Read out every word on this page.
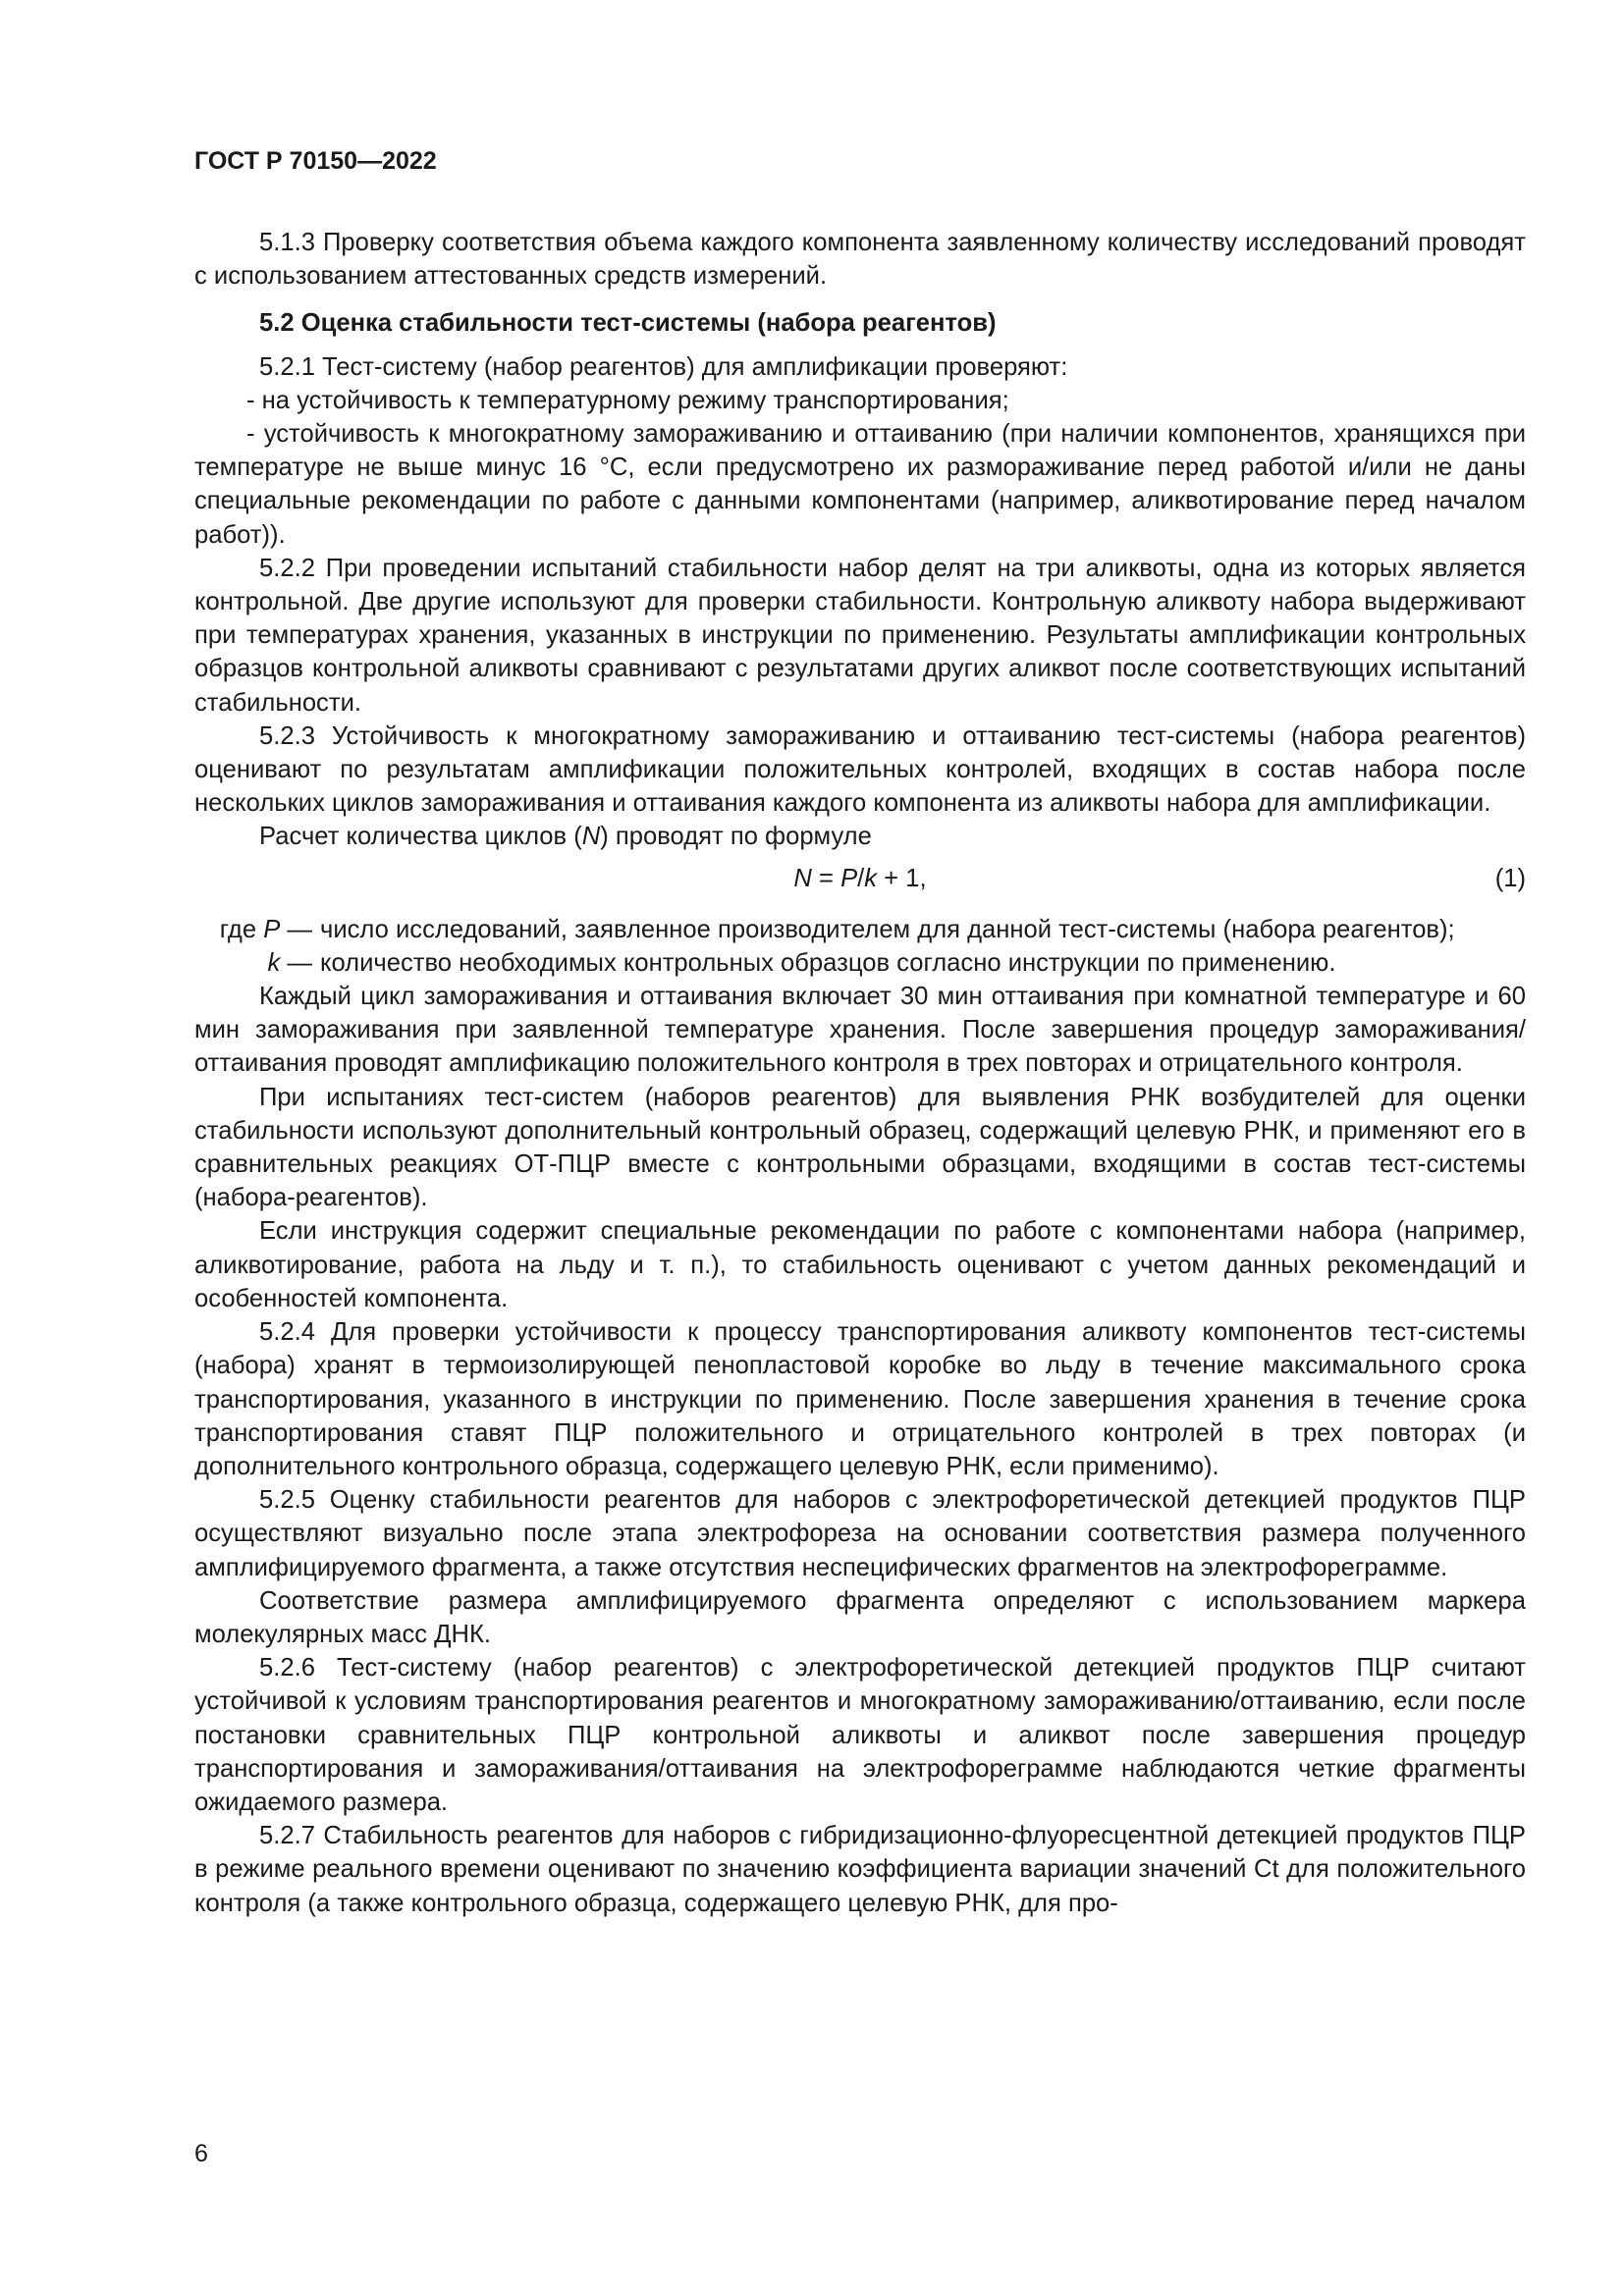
ГОСТ Р 70150—2022

5.1.3 Проверку соответствия объема каждого компонента заявленному количеству исследований проводят с использованием аттестованных средств измерений.

5.2 Оценка стабильности тест-системы (набора реагентов)

5.2.1 Тест-систему (набор реагентов) для амплификации проверяют:

- на устойчивость к температурному режиму транспортирования;

- устойчивость к многократному замораживанию и оттаиванию (при наличии компонентов, хранящихся при температуре не выше минус 16 °С, если предусмотрено их размораживание перед работой и/или не даны специальные рекомендации по работе с данными компонентами (например, аликвотирование перед началом работ)).

5.2.2 При проведении испытаний стабильности набор делят на три аликвоты, одна из которых является контрольной. Две другие используют для проверки стабильности. Контрольную аликвоту набора выдерживают при температурах хранения, указанных в инструкции по применению. Результаты амплификации контрольных образцов контрольной аликвоты сравнивают с результатами других аликвот после соответствующих испытаний стабильности.

5.2.3 Устойчивость к многократному замораживанию и оттаиванию тест-системы (набора реагентов) оценивают по результатам амплификации положительных контролей, входящих в состав набора после нескольких циклов замораживания и оттаивания каждого компонента из аликвоты набора для амплификации.

Расчет количества циклов (N) проводят по формуле

N = P/k + 1,	(1)
где P — число исследований, заявленное производителем для данной тест-системы (набора реагентов);
k — количество необходимых контрольных образцов согласно инструкции по применению.

Каждый цикл замораживания и оттаивания включает 30 мин оттаивания при комнатной температуре и 60 мин замораживания при заявленной температуре хранения. После завершения процедур замораживания/оттаивания проводят амплификацию положительного контроля в трех повторах и отрицательного контроля.

При испытаниях тест-систем (наборов реагентов) для выявления РНК возбудителей для оценки стабильности используют дополнительный контрольный образец, содержащий целевую РНК, и применяют его в сравнительных реакциях ОТ-ПЦР вместе с контрольными образцами, входящими в состав тест-системы (набора-реагентов).

Если инструкция содержит специальные рекомендации по работе с компонентами набора (например, аликвотирование, работа на льду и т. п.), то стабильность оценивают с учетом данных рекомендаций и особенностей компонента.

5.2.4 Для проверки устойчивости к процессу транспортирования аликвоту компонентов тест-системы (набора) хранят в термоизолирующей пенопластовой коробке во льду в течение максимального срока транспортирования, указанного в инструкции по применению. После завершения хранения в течение срока транспортирования ставят ПЦР положительного и отрицательного контролей в трех повторах (и дополнительного контрольного образца, содержащего целевую РНК, если применимо).

5.2.5 Оценку стабильности реагентов для наборов с электрофоретической детекцией продуктов ПЦР осуществляют визуально после этапа электрофореза на основании соответствия размера полученного амплифицируемого фрагмента, а также отсутствия неспецифических фрагментов на электрофореграмме.

Соответствие размера амплифицируемого фрагмента определяют с использованием маркера молекулярных масс ДНК.

5.2.6 Тест-систему (набор реагентов) с электрофоретической детекцией продуктов ПЦР считают устойчивой к условиям транспортирования реагентов и многократному замораживанию/оттаиванию, если после постановки сравнительных ПЦР контрольной аликвоты и аликвот после завершения процедур транспортирования и замораживания/оттаивания на электрофореграмме наблюдаются четкие фрагменты ожидаемого размера.

5.2.7 Стабильность реагентов для наборов с гибридизационно-флуоресцентной детекцией продуктов ПЦР в режиме реального времени оценивают по значению коэффициента вариации значений Ct для положительного контроля (а также контрольного образца, содержащего целевую РНК, для про-

6
